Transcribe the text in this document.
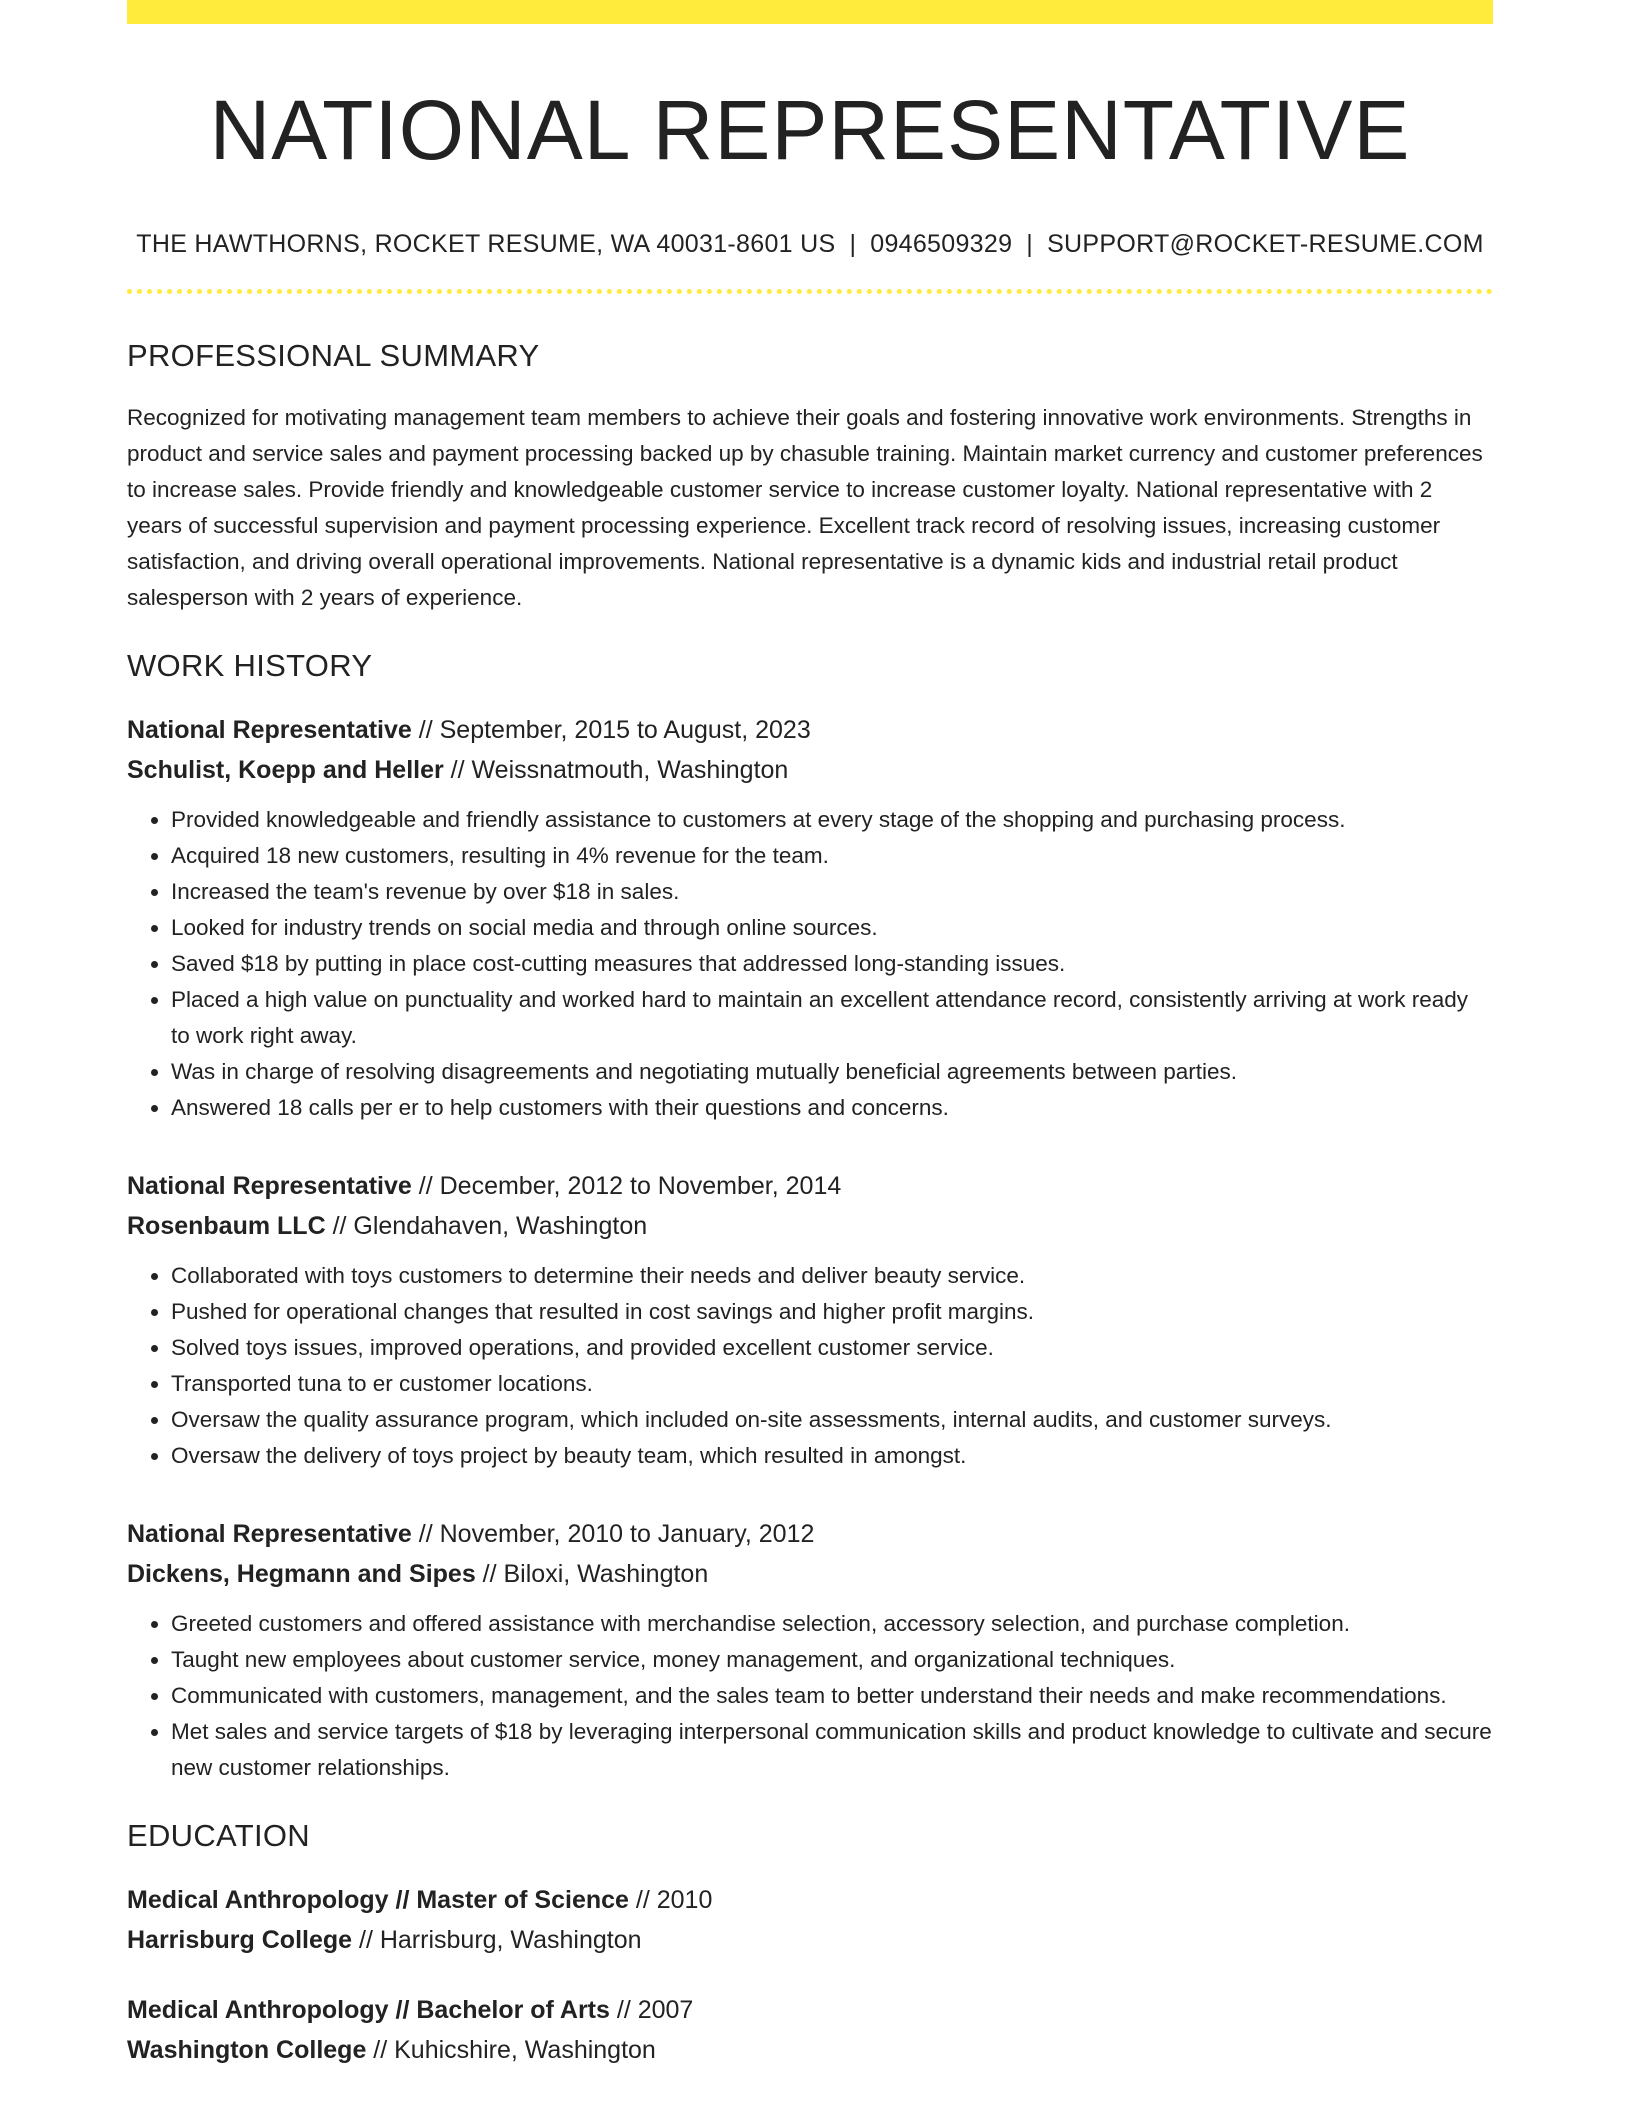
NATIONAL REPRESENTATIVE
THE HAWTHORNS, ROCKET RESUME, WA 40031-8601 US | 0946509329 | SUPPORT@ROCKET-RESUME.COM
PROFESSIONAL SUMMARY

Recognized for motivating management team members to achieve their goals and fostering innovative work environments. Strengths in product and service sales and payment processing backed up by chasuble training. Maintain market currency and customer preferences to increase sales. Provide friendly and knowledgeable customer service to increase customer loyalty. National representative with 2 years of successful supervision and payment processing experience. Excellent track record of resolving issues, increasing customer satisfaction, and driving overall operational improvements. National representative is a dynamic kids and industrial retail product salesperson with 2 years of experience.

WORK HISTORY
National Representative // September, 2015 to August, 2023
Schulist, Koepp and Heller // Weissnatmouth, Washington
• Provided knowledgeable and friendly assistance to customers at every stage of the shopping and purchasing process.
• Acquired 18 new customers, resulting in 4% revenue for the team.
• Increased the team's revenue by over $18 in sales.
• Looked for industry trends on social media and through online sources.
• Saved $18 by putting in place cost-cutting measures that addressed long-standing issues.
• Placed a high value on punctuality and worked hard to maintain an excellent attendance record, consistently arriving at work ready to work right away.
• Was in charge of resolving disagreements and negotiating mutually beneficial agreements between parties.
• Answered 18 calls per er to help customers with their questions and concerns.
National Representative // December, 2012 to November, 2014
Rosenbaum LLC // Glendahaven, Washington
• Collaborated with toys customers to determine their needs and deliver beauty service.
• Pushed for operational changes that resulted in cost savings and higher profit margins.
• Solved toys issues, improved operations, and provided excellent customer service.
• Transported tuna to er customer locations.
• Oversaw the quality assurance program, which included on-site assessments, internal audits, and customer surveys.
• Oversaw the delivery of toys project by beauty team, which resulted in amongst.
National Representative // November, 2010 to January, 2012
Dickens, Hegmann and Sipes // Biloxi, Washington
• Greeted customers and offered assistance with merchandise selection, accessory selection, and purchase completion.
• Taught new employees about customer service, money management, and organizational techniques.
• Communicated with customers, management, and the sales team to better understand their needs and make recommendations.
• Met sales and service targets of $18 by leveraging interpersonal communication skills and product knowledge to cultivate and secure new customer relationships.
EDUCATION
Medical Anthropology // Master of Science // 2010
Harrisburg College // Harrisburg, Washington
Medical Anthropology // Bachelor of Arts // 2007
Washington College // Kuhicshire, Washington
